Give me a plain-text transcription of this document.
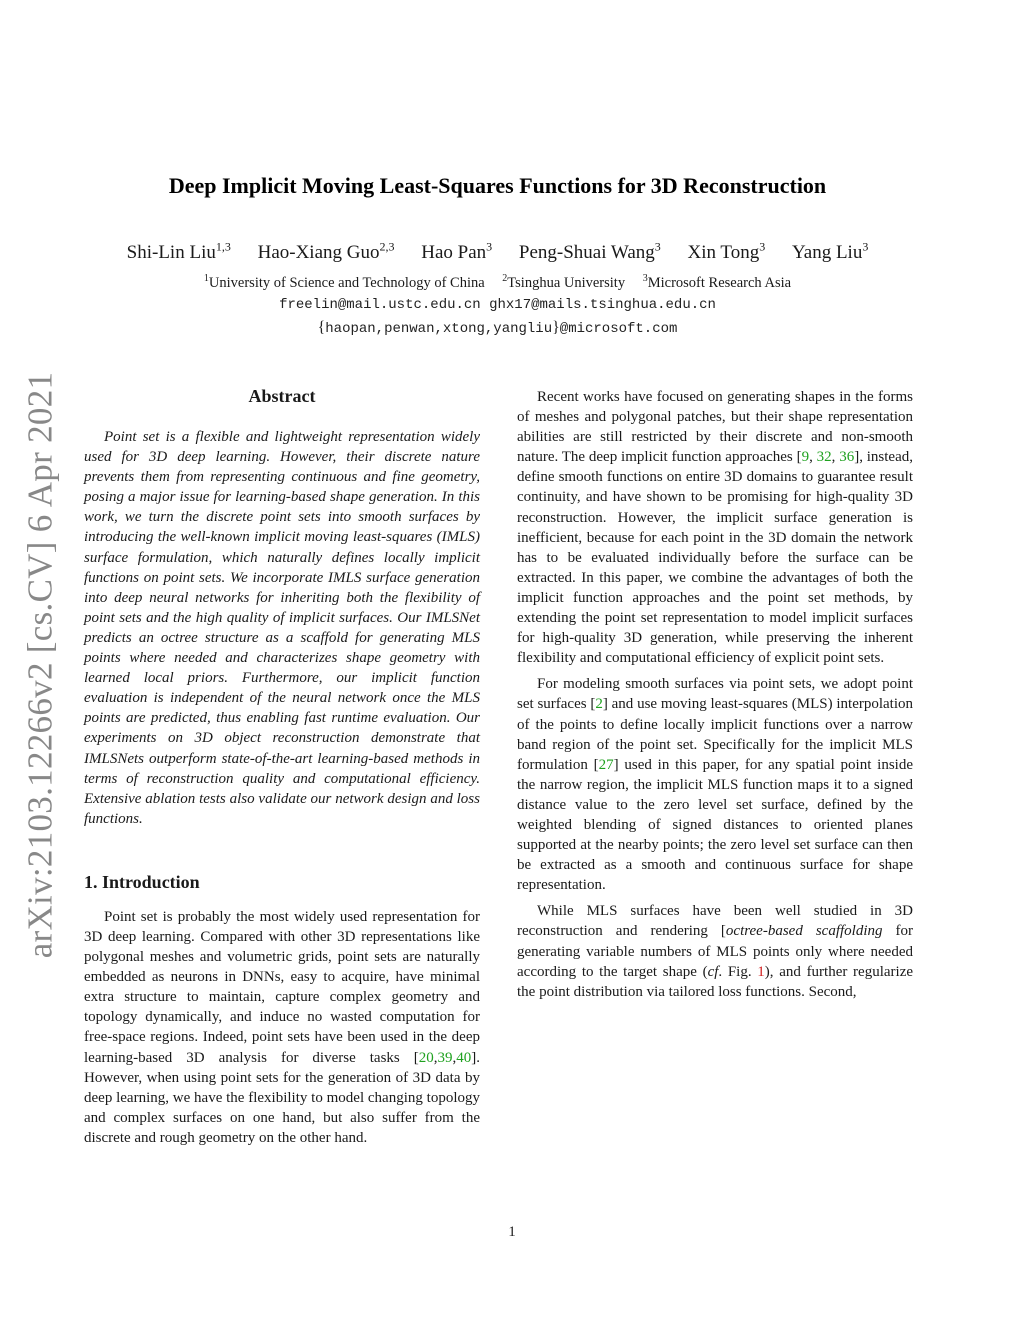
arXiv:2103.12266v2 [cs.CV] 6 Apr 2021
Deep Implicit Moving Least-Squares Functions for 3D Reconstruction
Shi-Lin Liu$^{1,3}$ Hao-Xiang Guo$^{2,3}$ Hao Pan$^3$ Peng-Shuai Wang$^3$ Xin Tong$^3$ Yang Liu$^3$
$^1$University of Science and Technology of China $^2$Tsinghua University $^3$Microsoft Research Asia
freelin@mail.ustc.edu.cn ghx17@mails.tsinghua.edu.cn
{haopan,penwan,xtong,yangliu}@microsoft.com
Abstract

Point set is a flexible and lightweight representation widely used for 3D deep learning. However, their discrete nature prevents them from representing continuous and fine geometry, posing a major issue for learning-based shape generation. In this work, we turn the discrete point sets into smooth surfaces by introducing the well-known implicit moving least-squares (IMLS) surface formulation, which naturally defines locally implicit functions on point sets. We incorporate IMLS surface generation into deep neural networks for inheriting both the flexibility of point sets and the high quality of implicit surfaces. Our IMLSNet predicts an octree structure as a scaffold for generating MLS points where needed and characterizes shape geometry with learned local priors. Furthermore, our implicit function evaluation is independent of the neural network once the MLS points are predicted, thus enabling fast runtime evaluation. Our experiments on 3D object reconstruction demonstrate that IMLSNets outperform state-of-the-art learning-based methods in terms of reconstruction quality and computational efficiency. Extensive ablation tests also validate our network design and loss functions.

1. Introduction

Point set is probably the most widely used representation for 3D deep learning. Compared with other 3D representations like polygonal meshes and volumetric grids, point sets are naturally embedded as neurons in DNNs, easy to acquire, have minimal extra structure to maintain, capture complex geometry and topology dynamically, and induce no wasted computation for free-space regions. Indeed, point sets have been used in the deep learning-based 3D analysis for diverse tasks [20,39,40]. However, when using point sets for the generation of 3D data by deep learning, we have the flexibility to model changing topology and complex surfaces on one hand, but also suffer from the discrete and rough geometry on the other hand.

Recent works have focused on generating shapes in the forms of meshes and polygonal patches, but their shape representation abilities are still restricted by their discrete and non-smooth nature. The deep implicit function approaches [9, 32, 36], instead, define smooth functions on entire 3D domains to guarantee result continuity, and have shown to be promising for high-quality 3D reconstruction. However, the implicit surface generation is inefficient, because for each point in the 3D domain the network has to be evaluated individually before the surface can be extracted. In this paper, we combine the advantages of both the implicit function approaches and the point set methods, by extending the point set representation to model implicit surfaces for high-quality 3D generation, while preserving the inherent flexibility and computational efficiency of explicit point sets.

For modeling smooth surfaces via point sets, we adopt point set surfaces [2] and use moving least-squares (MLS) interpolation of the points to define locally implicit functions over a narrow band region of the point set. Specifically for the implicit MLS formulation [27] used in this paper, for any spatial point inside the narrow region, the implicit MLS function maps it to a signed distance value to the zero level set surface, defined by the weighted blending of signed distances to oriented planes supported at the nearby points; the zero level set surface can then be extracted as a smooth and continuous surface for shape representation.

While MLS surfaces have been well studied in 3D reconstruction and rendering [octree-based scaffolding for generating variable numbers of MLS points only where needed according to the target shape (cf. Fig. 1), and further regularize the point distribution via tailored loss functions. Second,

1
